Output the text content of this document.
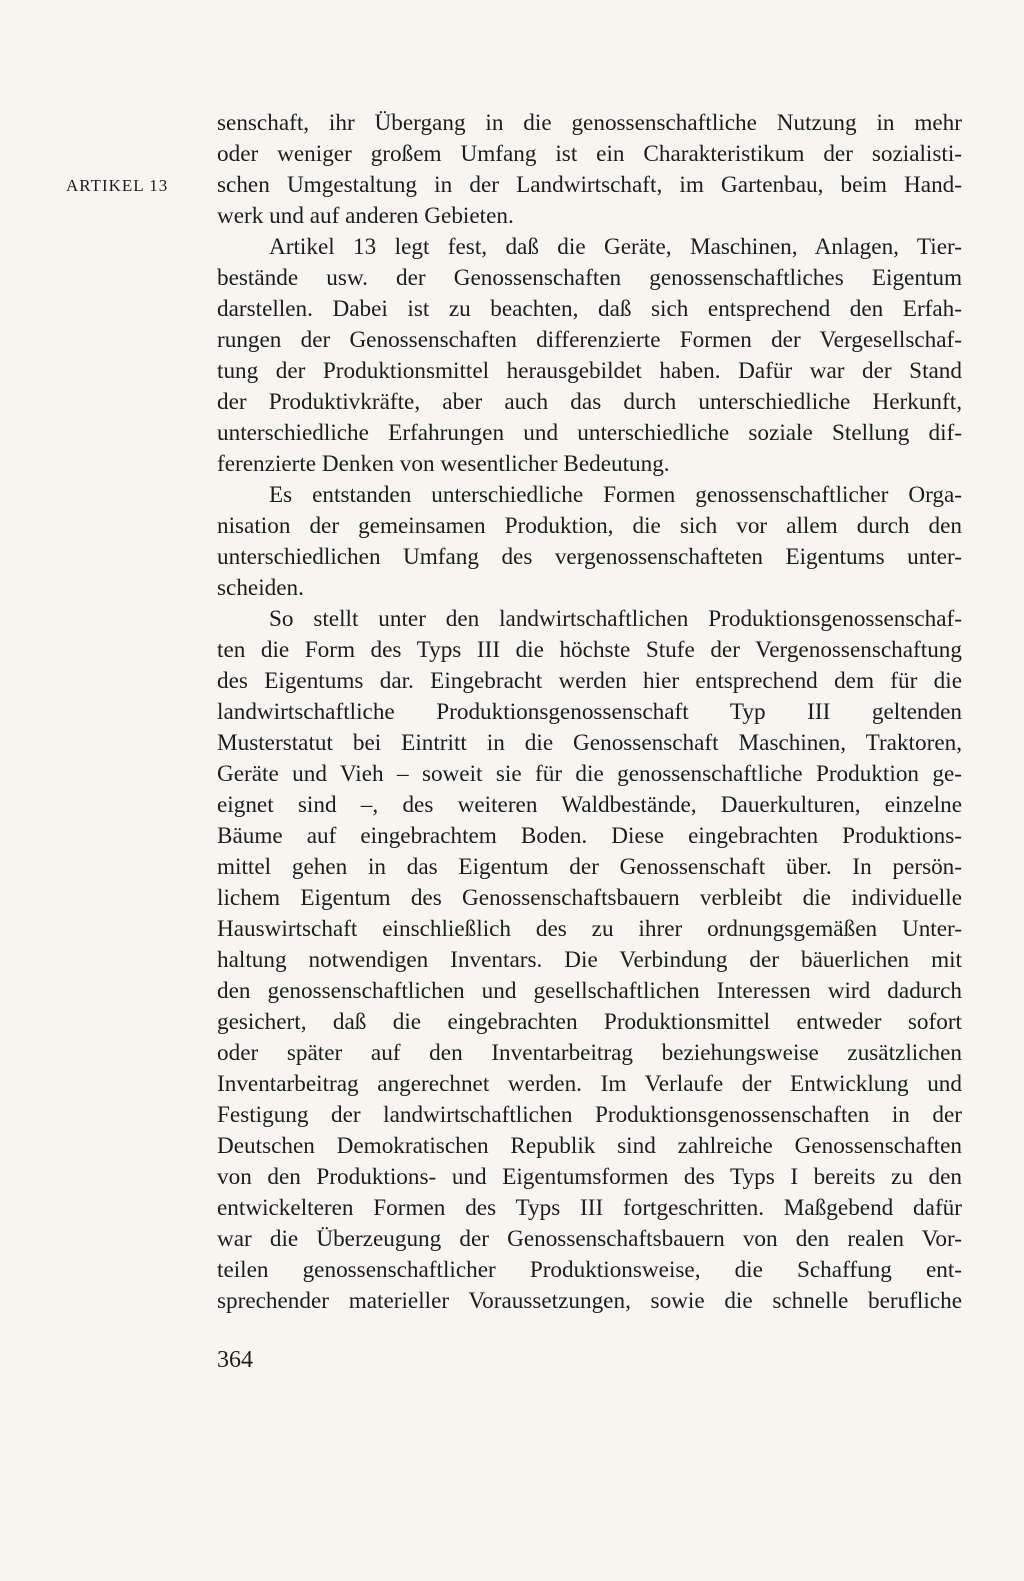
ARTIKEL 13
senschaft, ihr Übergang in die genossenschaftliche Nutzung in mehr
oder weniger großem Umfang ist ein Charakteristikum der sozialisti-
schen Umgestaltung in der Landwirtschaft, im Gartenbau, beim Hand-
werk und auf anderen Gebieten.
Artikel 13 legt fest, daß die Geräte, Maschinen, Anlagen, Tier-
bestände usw. der Genossenschaften genossenschaftliches Eigentum
darstellen. Dabei ist zu beachten, daß sich entsprechend den Erfah-
rungen der Genossenschaften differenzierte Formen der Vergesellschaf-
tung der Produktionsmittel herausgebildet haben. Dafür war der Stand
der Produktivkräfte, aber auch das durch unterschiedliche Herkunft,
unterschiedliche Erfahrungen und unterschiedliche soziale Stellung dif-
ferenzierte Denken von wesentlicher Bedeutung.
Es entstanden unterschiedliche Formen genossenschaftlicher Orga-
nisation der gemeinsamen Produktion, die sich vor allem durch den
unterschiedlichen Umfang des vergenossenschafteten Eigentums unter-
scheiden.
So stellt unter den landwirtschaftlichen Produktionsgenossenschaf-
ten die Form des Typs III die höchste Stufe der Vergenossenschaftung
des Eigentums dar. Eingebracht werden hier entsprechend dem für die
landwirtschaftliche Produktionsgenossenschaft Typ III geltenden
Musterstatut bei Eintritt in die Genossenschaft Maschinen, Traktoren,
Geräte und Vieh – soweit sie für die genossenschaftliche Produktion ge-
eignet sind –, des weiteren Waldbestände, Dauerkulturen, einzelne
Bäume auf eingebrachtem Boden. Diese eingebrachten Produktions-
mittel gehen in das Eigentum der Genossenschaft über. In persön-
lichem Eigentum des Genossenschaftsbauern verbleibt die individuelle
Hauswirtschaft einschließlich des zu ihrer ordnungsgemäßen Unter-
haltung notwendigen Inventars. Die Verbindung der bäuerlichen mit
den genossenschaftlichen und gesellschaftlichen Interessen wird dadurch
gesichert, daß die eingebrachten Produktionsmittel entweder sofort
oder später auf den Inventarbeitrag beziehungsweise zusätzlichen
Inventarbeitrag angerechnet werden. Im Verlaufe der Entwicklung und
Festigung der landwirtschaftlichen Produktionsgenossenschaften in der
Deutschen Demokratischen Republik sind zahlreiche Genossenschaften
von den Produktions- und Eigentumsformen des Typs I bereits zu den
entwickelteren Formen des Typs III fortgeschritten. Maßgebend dafür
war die Überzeugung der Genossenschaftsbauern von den realen Vor-
teilen genossenschaftlicher Produktionsweise, die Schaffung ent-
sprechender materieller Voraussetzungen, sowie die schnelle berufliche
364
